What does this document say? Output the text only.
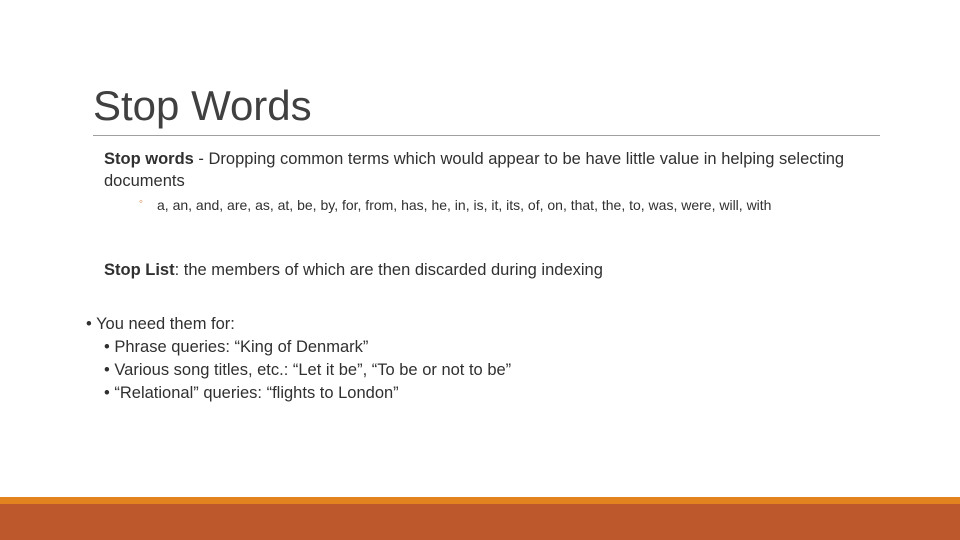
Stop Words
Stop words - Dropping common terms which would appear to be have little value in helping selecting documents
◦ a, an, and, are, as, at, be, by, for, from, has, he, in, is, it, its, of, on, that, the, to, was, were, will, with
Stop List: the members of which are then discarded during indexing
• You need them for:
• Phrase queries: “King of Denmark”
• Various song titles, etc.: “Let it be”, “To be or not to be”
• “Relational” queries: “flights to London”
